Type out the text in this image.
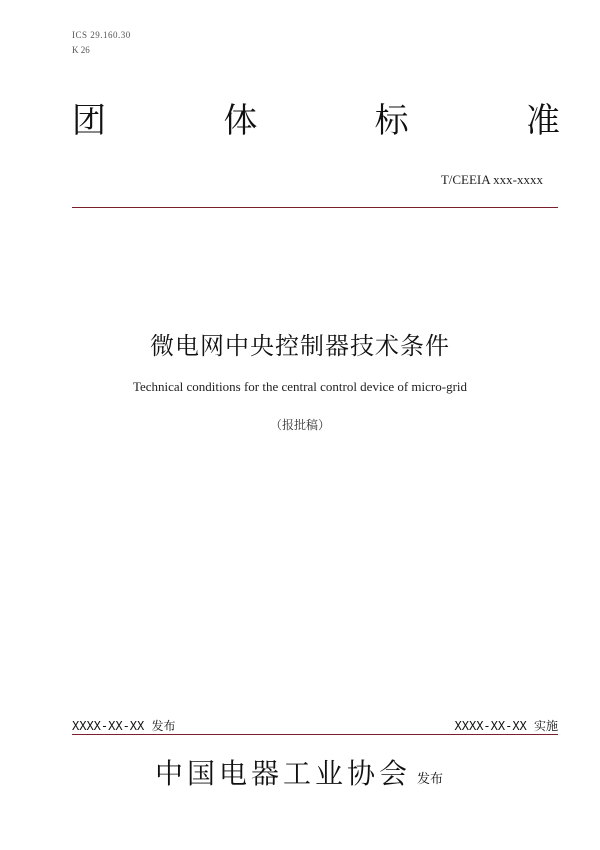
ICS 29.160.30
K 26
团	体	标	准
T/CEEIA xxx-xxxx
微电网中央控制器技术条件
Technical conditions for the central control device of micro-grid
（报批稿）
XXXX-XX-XX 发布	XXXX-XX-XX 实施
中国电器工业协会 发布
